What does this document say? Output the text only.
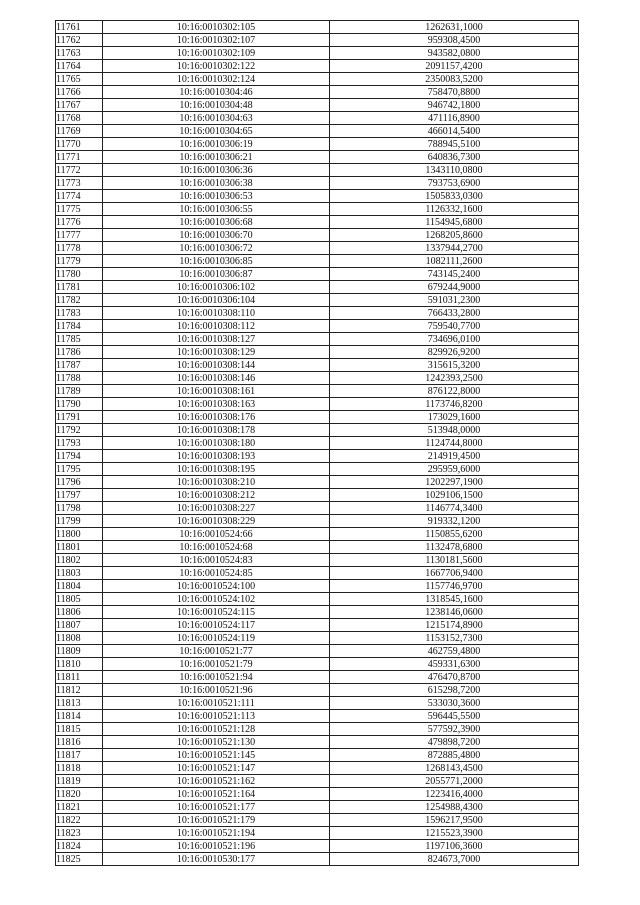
11761	10:16:0010302:105	1262631,1000
11762	10:16:0010302:107	959308,4500
11763	10:16:0010302:109	943582,0800
11764	10:16:0010302:122	2091157,4200
11765	10:16:0010302:124	2350083,5200
11766	10:16:0010304:46	758470,8800
11767	10:16:0010304:48	946742,1800
11768	10:16:0010304:63	471116,8900
11769	10:16:0010304:65	466014,5400
11770	10:16:0010306:19	788945,5100
11771	10:16:0010306:21	640836,7300
11772	10:16:0010306:36	1343110,0800
11773	10:16:0010306:38	793753,6900
11774	10:16:0010306:53	1505833,0300
11775	10:16:0010306:55	1126332,1600
11776	10:16:0010306:68	1154945,6800
11777	10:16:0010306:70	1268205,8600
11778	10:16:0010306:72	1337944,2700
11779	10:16:0010306:85	1082111,2600
11780	10:16:0010306:87	743145,2400
11781	10:16:0010306:102	679244,9000
11782	10:16:0010306:104	591031,2300
11783	10:16:0010308:110	766433,2800
11784	10:16:0010308:112	759540,7700
11785	10:16:0010308:127	734696,0100
11786	10:16:0010308:129	829926,9200
11787	10:16:0010308:144	315615,3200
11788	10:16:0010308:146	1242393,2500
11789	10:16:0010308:161	876122,8000
11790	10:16:0010308:163	1173746,8200
11791	10:16:0010308:176	173029,1600
11792	10:16:0010308:178	513948,0000
11793	10:16:0010308:180	1124744,8000
11794	10:16:0010308:193	214919,4500
11795	10:16:0010308:195	295959,6000
11796	10:16:0010308:210	1202297,1900
11797	10:16:0010308:212	1029106,1500
11798	10:16:0010308:227	1146774,3400
11799	10:16:0010308:229	919332,1200
11800	10:16:0010524:66	1150855,6200
11801	10:16:0010524:68	1132478,6800
11802	10:16:0010524:83	1130181,5600
11803	10:16:0010524:85	1667706,9400
11804	10:16:0010524:100	1157746,9700
11805	10:16:0010524:102	1318545,1600
11806	10:16:0010524:115	1238146,0600
11807	10:16:0010524:117	1215174,8900
11808	10:16:0010524:119	1153152,7300
11809	10:16:0010521:77	462759,4800
11810	10:16:0010521:79	459331,6300
11811	10:16:0010521:94	476470,8700
11812	10:16:0010521:96	615298,7200
11813	10:16:0010521:111	533030,3600
11814	10:16:0010521:113	596445,5500
11815	10:16:0010521:128	577592,3900
11816	10:16:0010521:130	479898,7200
11817	10:16:0010521:145	872885,4800
11818	10:16:0010521:147	1268143,4500
11819	10:16:0010521:162	2055771,2000
11820	10:16:0010521:164	1223416,4000
11821	10:16:0010521:177	1254988,4300
11822	10:16:0010521:179	1596217,9500
11823	10:16:0010521:194	1215523,3900
11824	10:16:0010521:196	1197106,3600
11825	10:16:0010530:177	824673,7000
